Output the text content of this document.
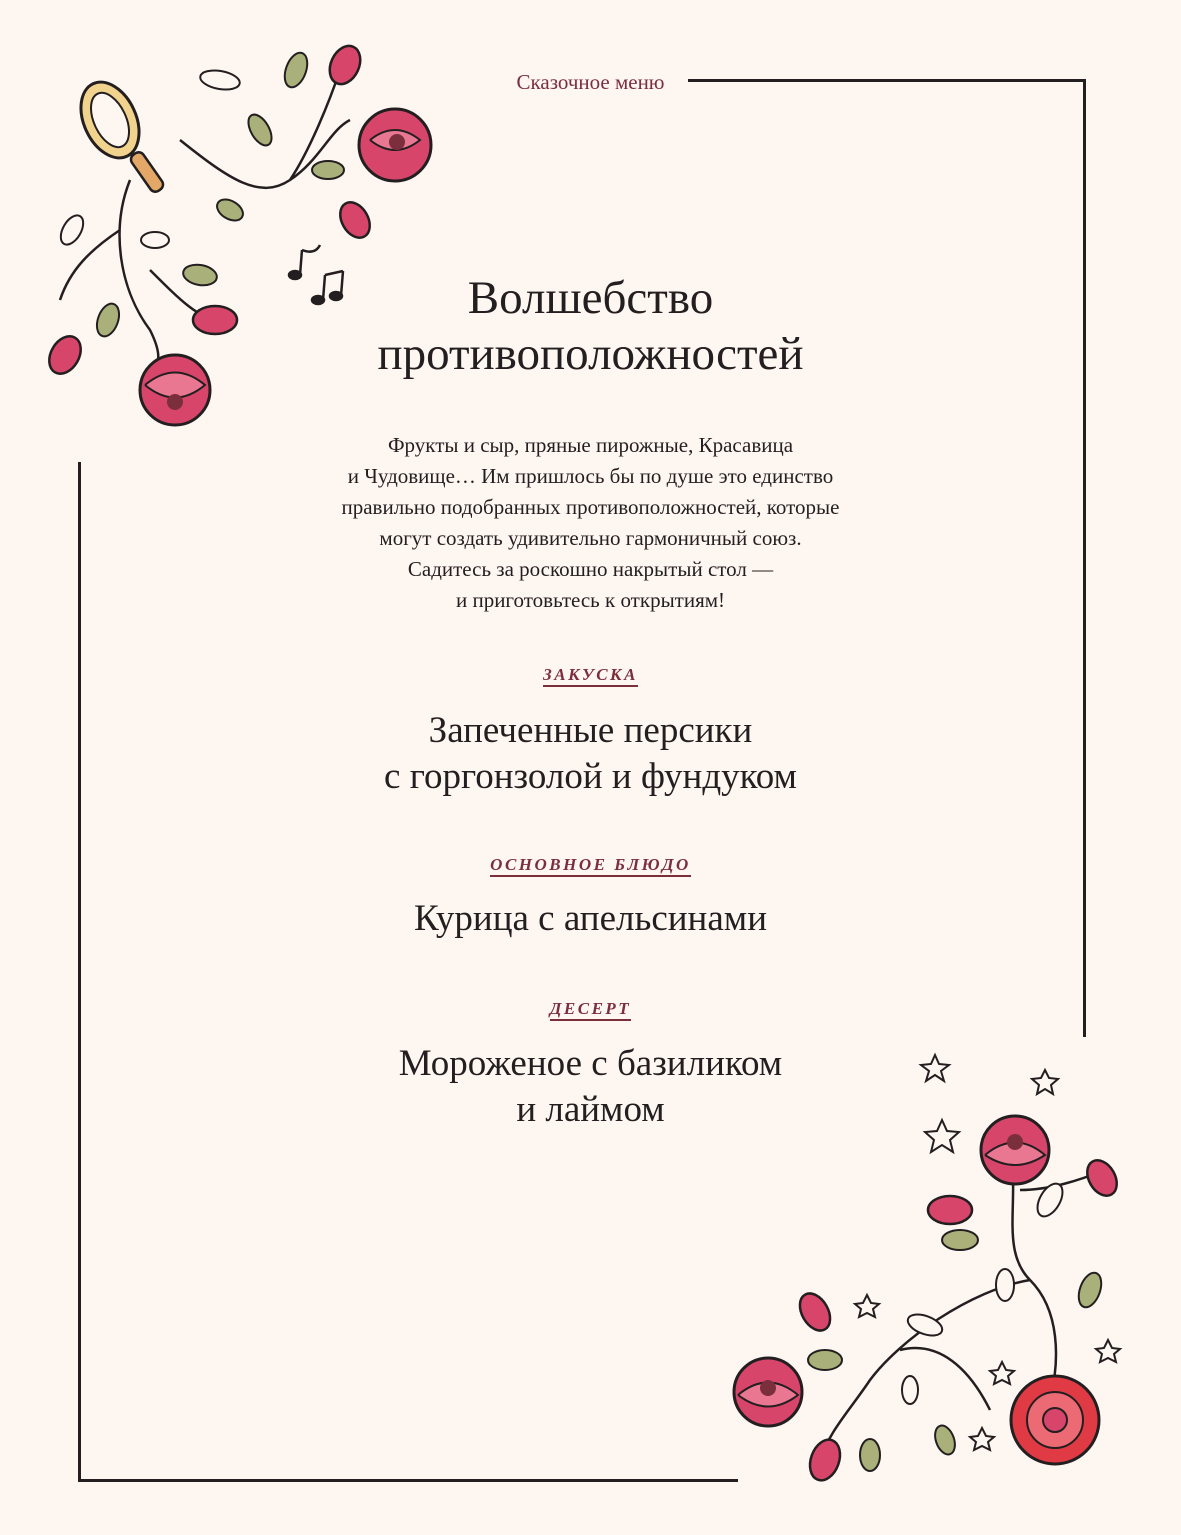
Сказочное меню
Волшебство
противоположностей
Фрукты и сыр, пряные пирожные, Красавица
и Чудовище… Им пришлось бы по душе это единство
правильно подобранных противоположностей, которые
могут создать удивительно гармоничный союз.
Садитесь за роскошно накрытый стол —
и приготовьтесь к открытиям!
ЗАКУСКА
Запеченные персики
с горгонзолой и фундуком
ОСНОВНОЕ БЛЮДО
Курица с апельсинами
ДЕСЕРТ
Мороженое с базиликом
и лаймом
